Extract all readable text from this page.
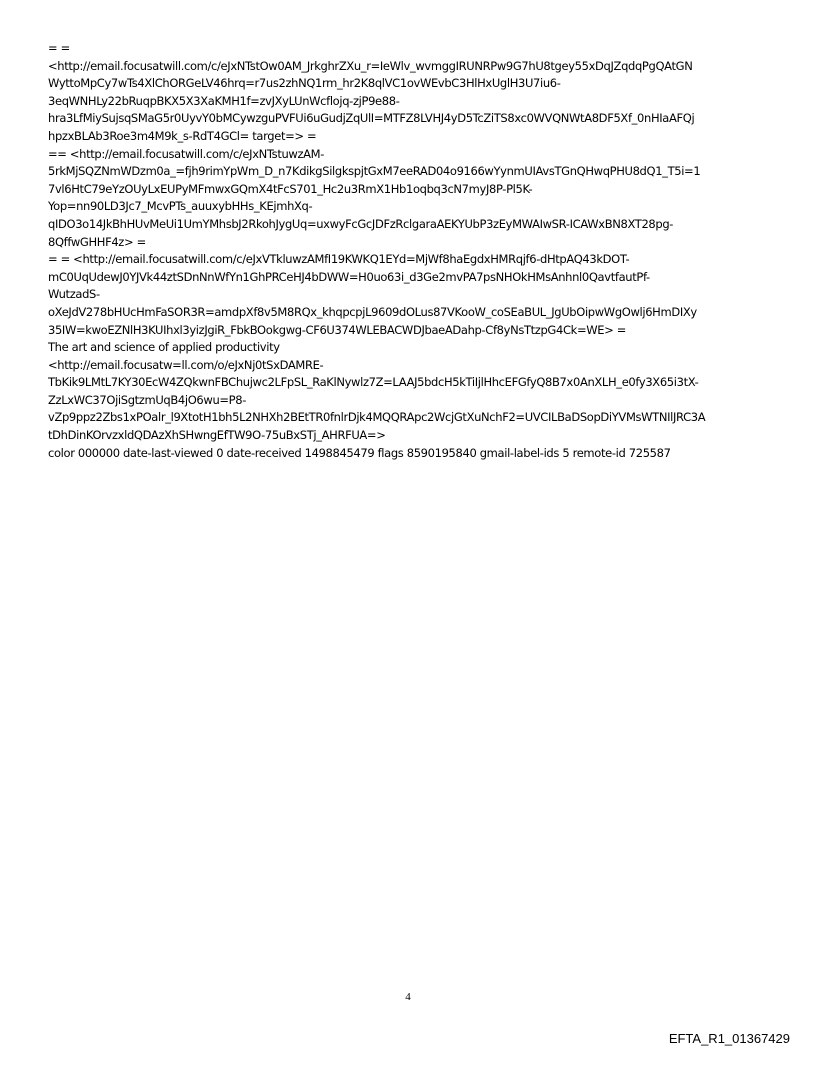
= =
<http://email.focusatwill.com/c/eJxNTstOw0AM_JrkghrZXu_r=IeWlv_wvmggIRUNRPw9G7hU8tgey55xDqJZqdqPgQAtGN
WyttoMpCy7wTs4XlChORGeLV46hrq=r7us2zhNQ1rm_hr2K8qlVC1ovWEvbC3HlHxUglH3U7iu6-
3eqWNHLy22bRuqpBKX5X3XaKMH1f=zvJXyLUnWcflojq-zjP9e88-
hra3LfMiySujsqSMaG5r0UyvY0bMCywzguPVFUi6uGudjZqUlI=MTFZ8LVHJ4yD5TcZiTS8xc0WVQNWtA8DF5Xf_0nHIaAFQj
hpzxBLAb3Roe3m4M9k_s-RdT4GCl= target=> =
== <http://email.focusatwill.com/c/eJxNTstuwzAM-
5rkMjSQZNmWDzm0a_=fjh9rimYpWm_D_n7KdikgSilgkspjtGxM7eeRAD04o9166wYynmUIAvsTGnQHwqPHU8dQ1_T5i=1
7vl6HtC79eYzOUyLxEUPyMFmwxGQmX4tFcS701_Hc2u3RmX1Hb1oqbq3cN7myJ8P-Pl5K-
Yop=nn90LD3Jc7_McvPTs_auuxybHHs_KEjmhXq-
qIDO3o14JkBhHUvMeUi1UmYMhsbJ2RkohJygUq=uxwyFcGcJDFzRclgaraAEKYUbP3zEyMWAIwSR-ICAWxBN8XT28pg-
8QffwGHHF4z> =
= = <http://email.focusatwill.com/c/eJxVTkluwzAMfI19KWKQ1EYd=MjWf8haEgdxHMRqjf6-dHtpAQ43kDOT-
mC0UqUdewJ0YJVk44ztSDnNnWfYn1GhPRCeHJ4bDWW=H0uo63i_d3Ge2mvPA7psNHOkHMsAnhnl0QavtfautPf-
WutzadS-
oXeJdV278bHUcHmFaSOR3R=amdpXf8v5M8RQx_khqpcpjL9609dOLus87VKooW_coSEaBUL_JgUbOipwWgOwlj6HmDIXy
35IW=kwoEZNlH3KUIhxl3yizJgiR_FbkBOokgwg-CF6U374WLEBACWDJbaeADahp-Cf8yNsTtzpG4Ck=WE> =
The art and science of applied productivity
<http://email.focusatw=ll.com/o/eJxNj0tSxDAMRE-
TbKik9LMtL7KY30EcW4ZQkwnFBChujwc2LFpSL_RaKlNywlz7Z=LAAJ5bdcH5kTiIjlHhcEFGfyQ8B7x0AnXLH_e0fy3X65i3tX-
ZzLxWC37OjiSgtzmUqB4jO6wu=P8-
vZp9ppz2Zbs1xPOalr_l9XtotH1bh5L2NHXh2BEtTR0fnlrDjk4MQQRApc2WcjGtXuNchF2=UVCILBaDSopDiYVMsWTNIlJRC3A
tDhDinKOrvzxldQDAzXhSHwngEfTW9O-75uBxSTj_AHRFUA=>
color 000000 date-last-viewed 0 date-received 1498845479 flags 8590195840 gmail-label-ids 5 remote-id 725587
4
EFTA_R1_01367429
